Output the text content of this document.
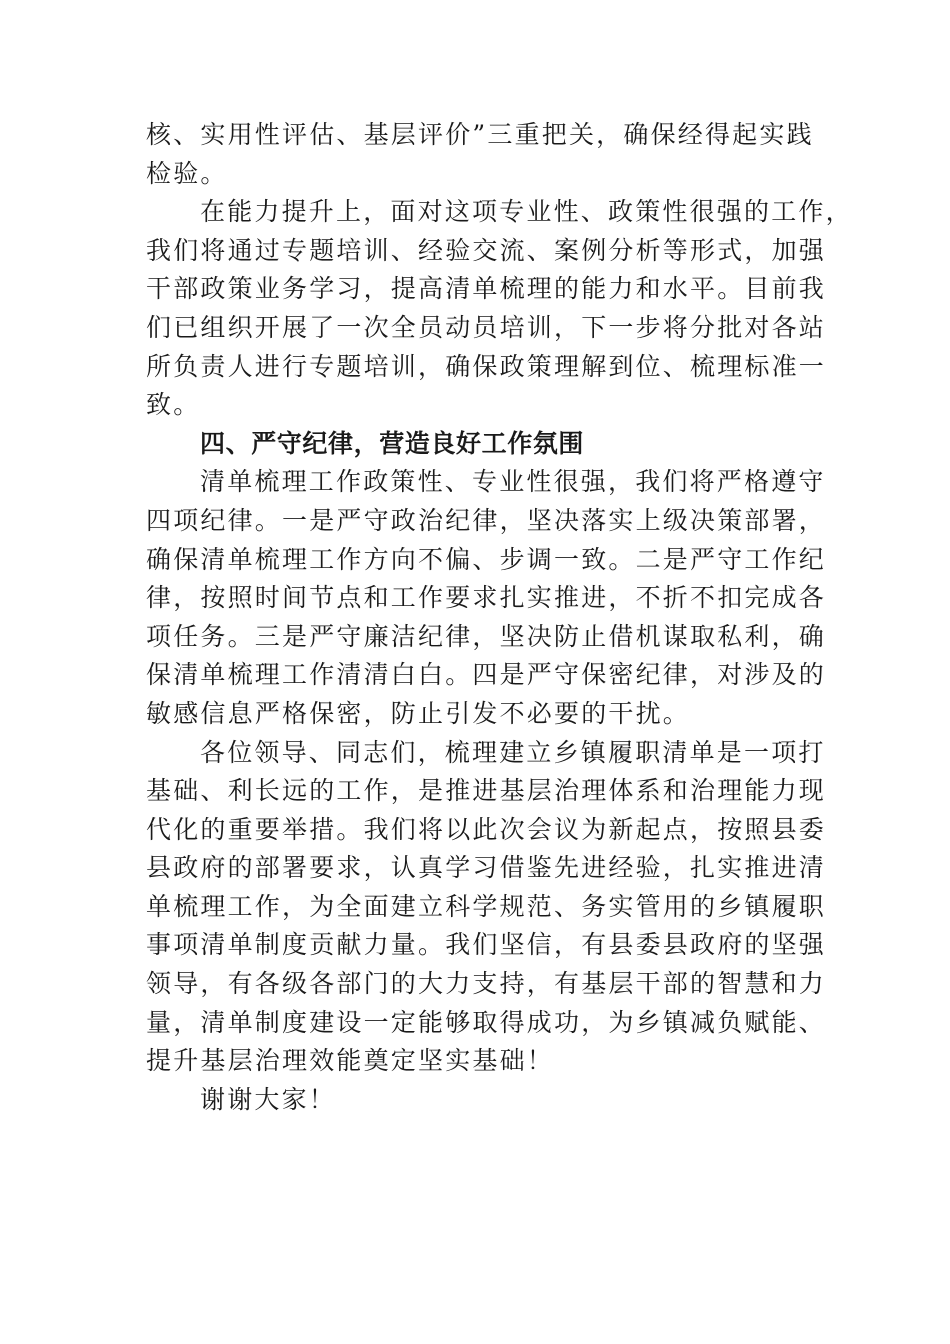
核、实用性评估、基层评价”三重把关，确保经得起实践
检验。
在能力提升上，面对这项专业性、政策性很强的工作，
我们将通过专题培训、经验交流、案例分析等形式，加强
干部政策业务学习，提高清单梳理的能力和水平。目前我
们已组织开展了一次全员动员培训，下一步将分批对各站
所负责人进行专题培训，确保政策理解到位、梳理标准一
致。
四、严守纪律，营造良好工作氛围
清单梳理工作政策性、专业性很强，我们将严格遵守
四项纪律。一是严守政治纪律，坚决落实上级决策部署，
确保清单梳理工作方向不偏、步调一致。二是严守工作纪
律，按照时间节点和工作要求扎实推进，不折不扣完成各
项任务。三是严守廉洁纪律，坚决防止借机谋取私利，确
保清单梳理工作清清白白。四是严守保密纪律，对涉及的
敏感信息严格保密，防止引发不必要的干扰。
各位领导、同志们，梳理建立乡镇履职清单是一项打
基础、利长远的工作，是推进基层治理体系和治理能力现
代化的重要举措。我们将以此次会议为新起点，按照县委
县政府的部署要求，认真学习借鉴先进经验，扎实推进清
单梳理工作，为全面建立科学规范、务实管用的乡镇履职
事项清单制度贡献力量。我们坚信，有县委县政府的坚强
领导，有各级各部门的大力支持，有基层干部的智慧和力
量，清单制度建设一定能够取得成功，为乡镇减负赋能、
提升基层治理效能奠定坚实基础！
谢谢大家！
